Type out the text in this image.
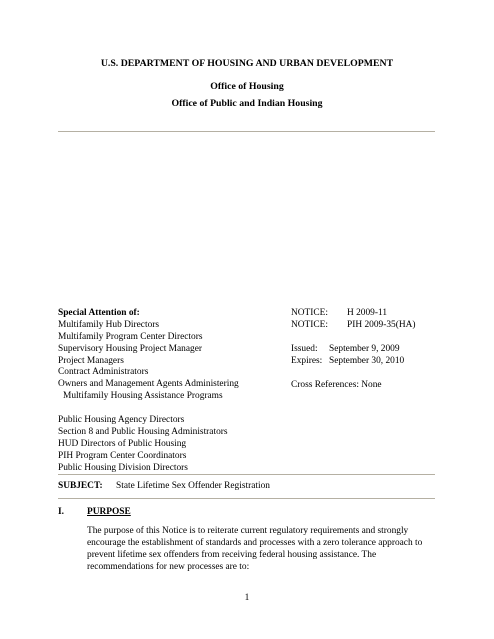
U.S. DEPARTMENT OF HOUSING AND URBAN DEVELOPMENT
Office of Housing
Office of Public and Indian Housing
Special Attention of:
Multifamily Hub Directors
Multifamily Program Center Directors
Supervisory Housing Project Manager
Project Managers
Contract Administrators
Owners and Management Agents Administering
Multifamily Housing Assistance Programs
Public Housing Agency Directors
Section 8 and Public Housing Administrators
HUD Directors of Public Housing
PIH Program Center Coordinators
Public Housing Division Directors
NOTICE: H 2009-11
NOTICE: PIH 2009-35(HA)
Issued: September 9, 2009
Expires: September 30, 2010
Cross References: None
SUBJECT: State Lifetime Sex Offender Registration
I. PURPOSE
The purpose of this Notice is to reiterate current regulatory requirements and strongly
encourage the establishment of standards and processes with a zero tolerance approach to
prevent lifetime sex offenders from receiving federal housing assistance. The
recommendations for new processes are to:
1
